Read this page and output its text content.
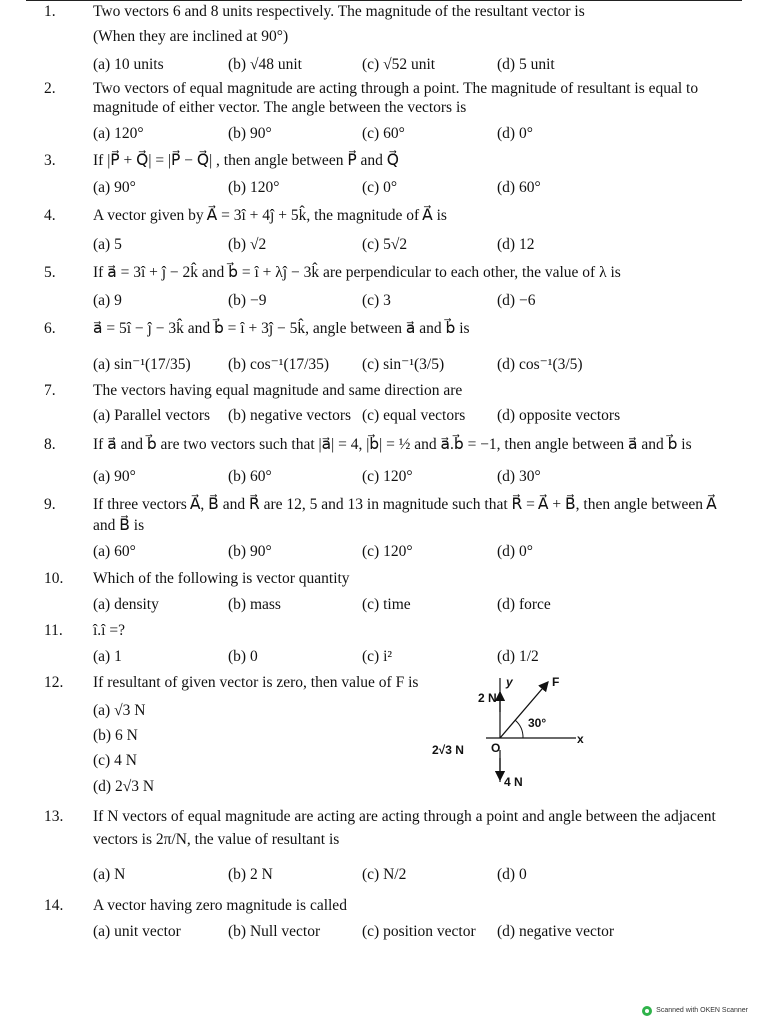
1. Two vectors 6 and 8 units respectively. The magnitude of the resultant vector is
(When they are inclined at 90°)
(a) 10 units	(b) √48 unit	(c) √52 unit	(d) 5 unit
2. Two vectors of equal magnitude are acting through a point. The magnitude of resultant is equal to
magnitude of either vector. The angle between the vectors is
(a) 120°	(b) 90°	(c) 60°	(d) 0°
3. If |P⃗ + Q⃗| = |P⃗ − Q⃗| , then angle between P⃗ and Q⃗
(a) 90°	(b) 120°	(c) 0°	(d) 60°
4. A vector given by A⃗ = 3î + 4ĵ + 5k̂, the magnitude of A⃗ is
(a) 5	(b) √2	(c) 5√2	(d) 12
5. If a⃗ = 3î + ĵ − 2k̂ and b⃗ = î + λĵ − 3k̂ are perpendicular to each other, the value of λ is
(a) 9	(b) −9	(c) 3	(d) −6
6. a⃗ = 5î − ĵ − 3k̂ and b⃗ = î + 3ĵ − 5k̂, angle between a⃗ and b⃗ is
(a) sin⁻¹(17/35) (b) cos⁻¹(17/35) (c) sin⁻¹(3/5)	(d) cos⁻¹(3/5)
7. The vectors having equal magnitude and same direction are
(a) Parallel vectors (b) negative vectors (c) equal vectors (d) opposite vectors
8. If a⃗ and b⃗ are two vectors such that |a⃗| = 4, |b⃗| = ½ and a⃗.b⃗ = −1, then angle between a⃗ and b⃗ is
(a) 90°	(b) 60°	(c) 120°	(d) 30°
9. If three vectors A⃗, B⃗ and R⃗ are 12, 5 and 13 in magnitude such that R⃗ = A⃗ + B⃗, then angle between A⃗
and B⃗ is
(a) 60°	(b) 90°	(c) 120°	(d) 0°
10. Which of the following is vector quantity
(a) density	(b) mass	(c) time	(d) force
11. î.î =?
(a) 1	(b) 0	(c) i²	(d) 1/2
12. If resultant of given vector is zero, then value of F is
(a) √3 N
(b) 6 N
(c) 4 N
(d) 2√3 N
y	F
2 N
30°
x
2√3 N O
4 N
13. If N vectors of equal magnitude are acting are acting through a point and angle between the adjacent
vectors is 2π/N, the value of resultant is
(a) N	(b) 2 N	(c) N/2	(d) 0
14. A vector having zero magnitude is called
(a) unit vector	(b) Null vector	(c) position vector (d) negative vector
Scanned with OKEN Scanner
